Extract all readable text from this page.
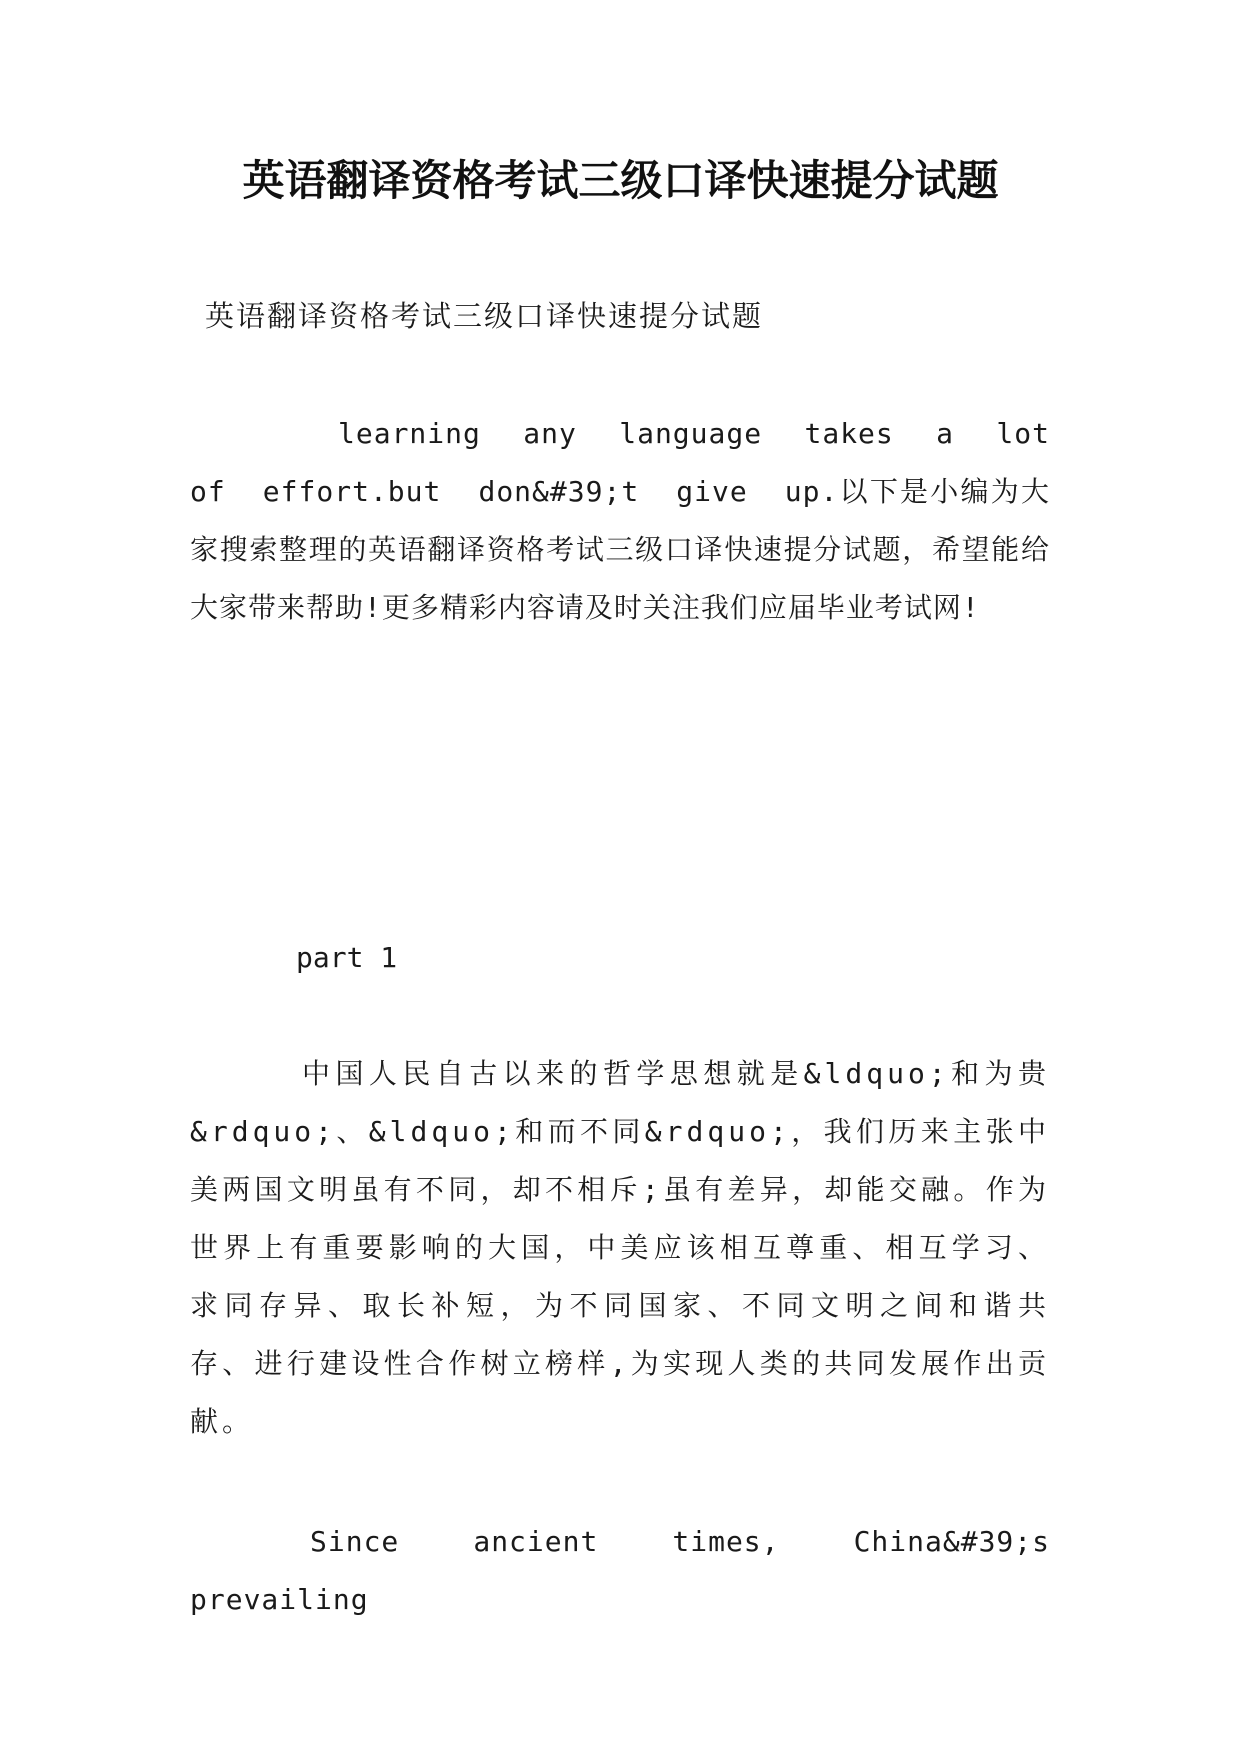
英语翻译资格考试三级口译快速提分试题

英语翻译资格考试三级口译快速提分试题

learning any language takes a lot of effort.but don&#39;t give up.以下是小编为大家搜索整理的英语翻译资格考试三级口译快速提分试题，希望能给大家带来帮助!更多精彩内容请及时关注我们应届毕业考试网!

part 1

中国人民自古以来的哲学思想就是&ldquo;和为贵&rdquo;、&ldquo;和而不同&rdquo;，我们历来主张中美两国文明虽有不同，却不相斥;虽有差异，却能交融。作为世界上有重要影响的大国，中美应该相互尊重、相互学习、求同存异、取长补短，为不同国家、不同文明之间和谐共存、进行建设性合作树立榜样,为实现人类的共同发展作出贡献。

Since ancient times, China&#39;s prevailing
